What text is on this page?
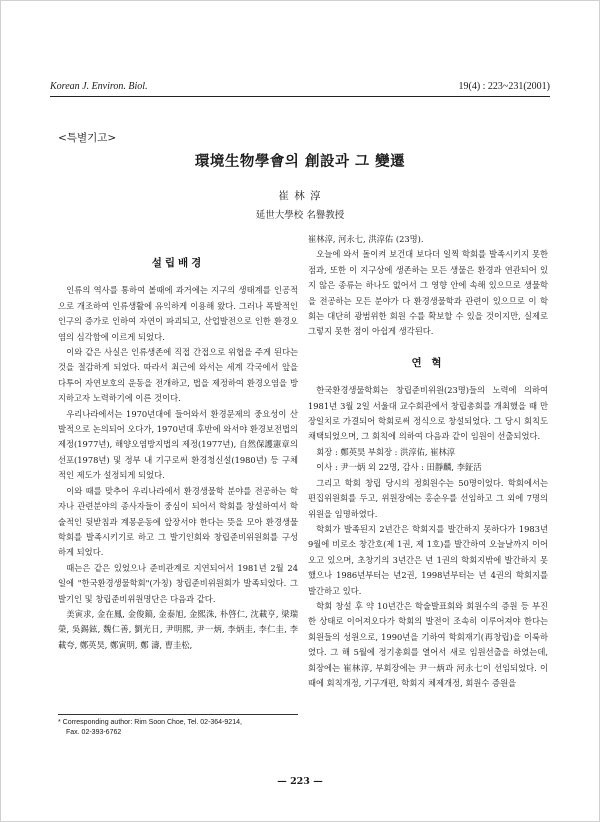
Korean J. Environ. Biol.	19(4) : 223~231(2001)
<특별기고>
環境生物學會의 創設과 그 變遷
崔 林 淳
延世大學校 名譽教授
설립배경

인류의 역사를 통하여 볼때에 과거에는 지구의 생태계를 인공적으로 개조하여 인류생활에 유익하게 이용해 왔다. 그러나 폭발적인 인구의 증가로 인하여 자연이 파괴되고, 산업발전으로 인한 환경오염의 심각함에 이르게 되었다.

이와 같은 사실은 인류생존에 직접 간접으로 위협을 주게 된다는 것을 절감하게 되었다. 따라서 최근에 와서는 세계 각국에서 앞을 다투어 자연보호의 운동을 전개하고, 법을 제정하여 환경오염을 방지하고자 노력하기에 이른 것이다.

우리나라에서는 1970년대에 들어와서 환경문제의 중요성이 산발적으로 논의되어 오다가, 1970년대 후반에 와서야 환경보전법의 제정(1977년), 해양오염방지법의 제정(1977년), 自然保護憲章의 선포(1978년) 및 정부 내 기구로써 환경청신설(1980년) 등 구체적인 제도가 설정되게 되었다.

이와 때를 맞추어 우리나라에서 환경생물학 분야를 전공하는 학자나 관련분야의 종사자들이 중심이 되어서 학회를 창설하여서 학술적인 뒷받침과 계몽운동에 앞장서야 한다는 뜻을 모아 환경생물학회를 발족시키기로 하고 그 발기인회와 창립준비위원회를 구성하게 되었다.

때는은 같은 있었으나 준비관계로 지연되어서 1981년 2월 24일에 "한국환경생물학회"(가칭) 창립준비위원회가 발족되었다. 그 발기인 및 창립준비위원명단은 다음과 같다.

美寅求, 金在鳳, 金俊鎬, 金泰旭, 金熙洙, 朴啓仁, 沈載亨, 梁瑞榮, 吳錫鉉, 魏仁善, 劉光日, 尹明熙, 尹一炳, 李炳圭, 李仁圭, 李載夸, 鄭英昊, 鄭寅明, 鄭 濤, 曺圭松,

崔林淳, 河永七, 洪淳佑 (23명).

오늘에 와서 돌이켜 보건대 보다더 일찍 학회를 발족시키지 못한 점과, 또한 이 지구상에 생존하는 모든 생물은 환경과 연관되어 있지 않은 종류는 하나도 없어서 그 영향 안에 속해 있으므로 생물학을 전공하는 모든 분야가 다 환경생물학과 관련이 있으므로 이 학회는 대단히 광범위한 회원 수를 확보할 수 있을 것이지만, 실제로 그렇지 못한 점이 아쉽게 생각된다.

연 혁

한국환경생물학회는 창립준비위원(23명)들의 노력에 의하여 1981년 3월 2일 서울대 교수회관에서 창립총회를 개최했을 때 만장일치로 가결되어 학회로써 정식으로 창설되었다. 그 당시 회칙도 채택되었으며, 그 회칙에 의하여 다음과 같이 임원이 선출되었다.

회장 : 鄭英昊 부회장 : 洪淳佑, 崔林淳

이사 : 尹一炳 외 22명, 감사 : 田靜麟, 李鉦活

그리고 학회 창립 당시의 정회원수는 50명이었다. 학회에서는 편집위원회를 두고, 위원장에는 홍순우를 선임하고 그 외에 7명의 위원을 임명하였다.

학회가 발족된지 2년간은 학회지를 발간하지 못하다가 1983년 9월에 비로소 창간호(제 1권, 제 1호)를 발간하여 오늘날까지 이어오고 있으며, 초창기의 3년간은 년 1권의 학회지밖에 발간하지 못했으나 1986년부터는 년2권, 1998년부터는 년 4권의 학회지를 발간하고 있다.

학회 창설 후 약 10년간은 학술발표회와 회원수의 증원 등 부진한 상태로 이어져오다가 학회의 발전이 조속히 이루어져야 한다는 회원들의 성원으로, 1990년을 기하여 학회재기(再창립)을 이룩하였다. 그 해 5월에 정기총회를 열어서 새로 임원선출을 하였는데, 회장에는 崔林淳, 부회장에는 尹一炳과 河永七이 선임되었다. 이 때에 회칙개정, 기구개편, 학회지 체제개정, 회원수 증원을

* Corresponding author: Rim Soon Choe, Tel. 02-364-9214,
Fax. 02-393-6762
— 223 —
